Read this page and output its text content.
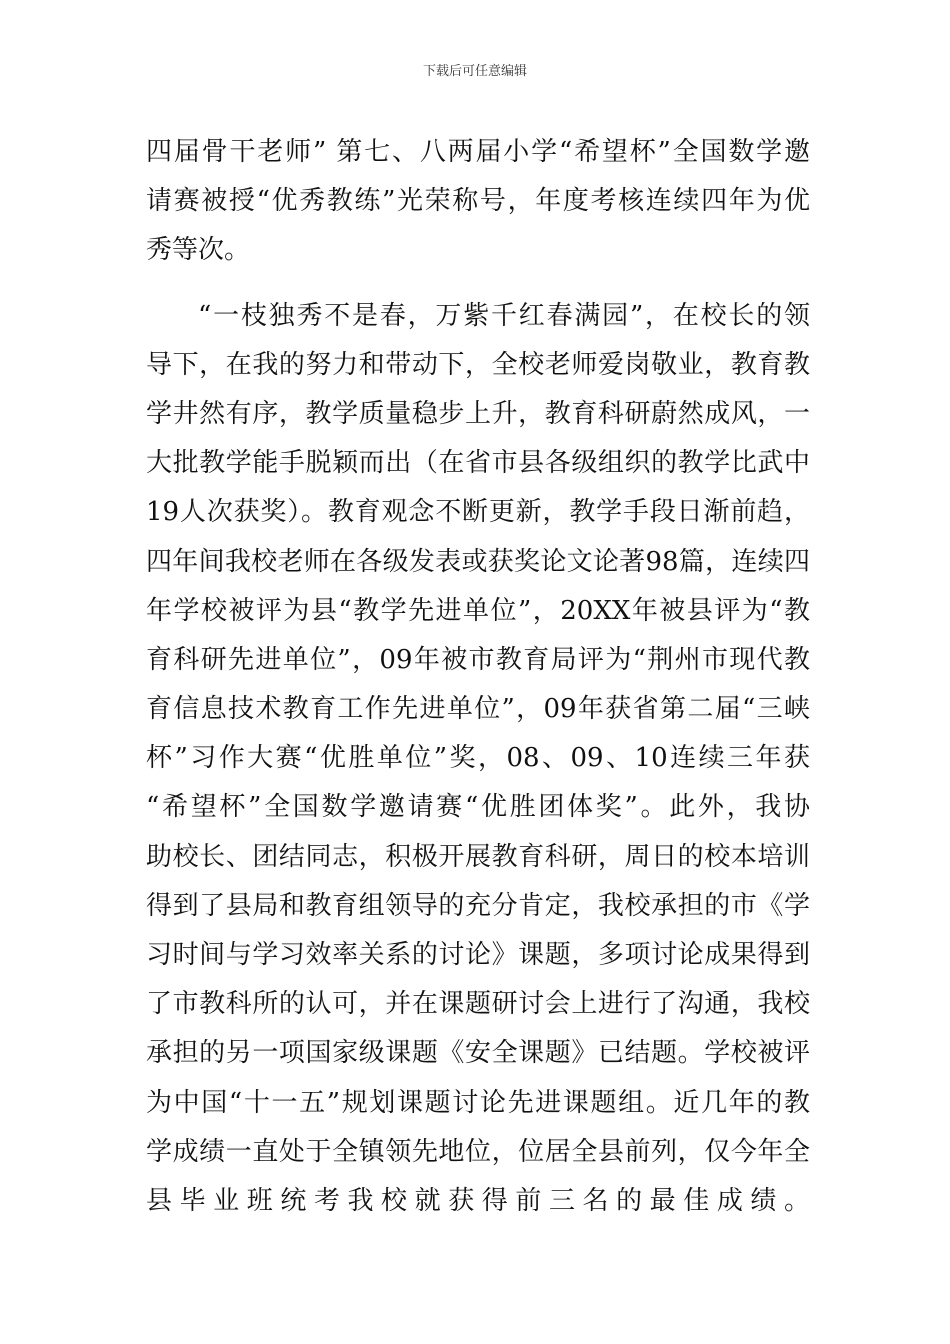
下载后可任意编辑
四届骨干老师” 第七、八两届小学“希望杯”全国数学邀
请赛被授“优秀教练”光荣称号，年度考核连续四年为优
秀等次。
“一枝独秀不是春，万紫千红春满园”，在校长的领
导下，在我的努力和带动下，全校老师爱岗敬业，教育教
学井然有序，教学质量稳步上升，教育科研蔚然成风，一
大批教学能手脱颖而出（在省市县各级组织的教学比武中
19人次获奖）。教育观念不断更新，教学手段日渐前趋，
四年间我校老师在各级发表或获奖论文论著98篇，连续四
年学校被评为县“教学先进单位”，20XX年被县评为“教
育科研先进单位”，09年被市教育局评为“荆州市现代教
育信息技术教育工作先进单位”，09年获省第二届“三峡
杯”习作大赛“优胜单位”奖，08、09、10连续三年获
“希望杯”全国数学邀请赛“优胜团体奖”。此外，我协
助校长、团结同志，积极开展教育科研，周日的校本培训
得到了县局和教育组领导的充分肯定，我校承担的市《学
习时间与学习效率关系的讨论》课题，多项讨论成果得到
了市教科所的认可，并在课题研讨会上进行了沟通，我校
承担的另一项国家级课题《安全课题》已结题。学校被评
为中国“十一五”规划课题讨论先进课题组。近几年的教
学成绩一直处于全镇领先地位，位居全县前列，仅今年全
县毕业班统考我校就获得前三名的最佳成绩。
